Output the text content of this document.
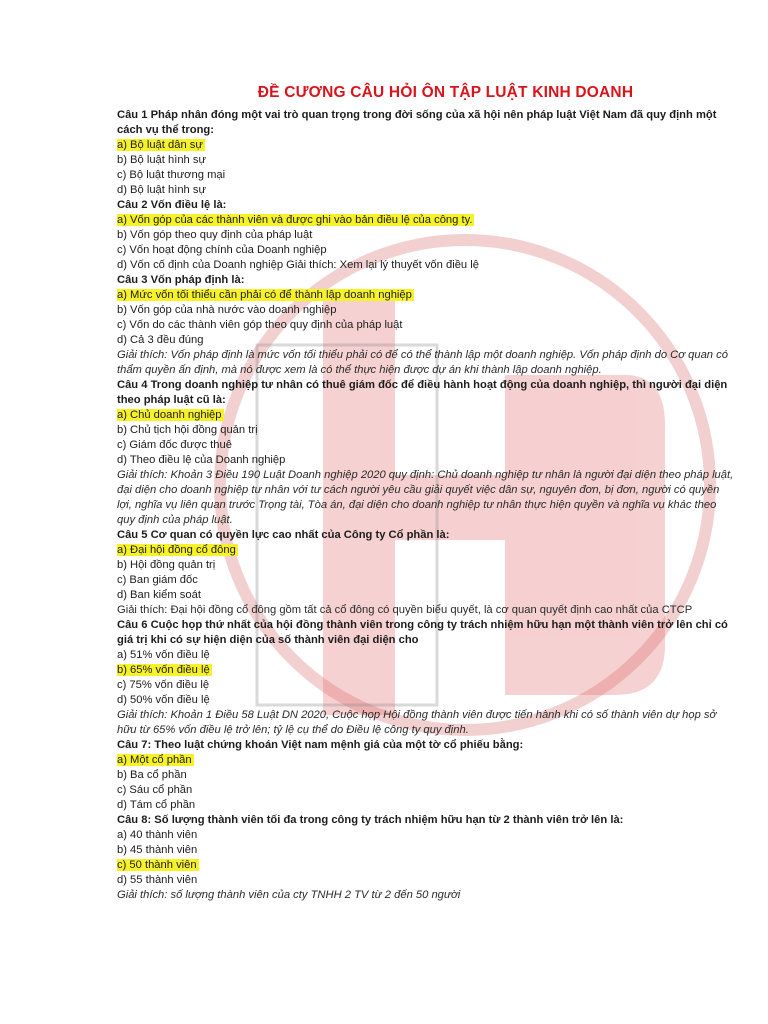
ĐỀ CƯƠNG CÂU HỎI ÔN TẬP LUẬT KINH DOANH

Câu 1 Pháp nhân đóng một vai trò quan trọng trong đời sống của xã hội nên pháp luật Việt Nam đã quy định một cách vụ thể trong:

a) Bộ luật dân sự
b) Bộ luật hình sự
c) Bộ luật thương mại
d) Bộ luật hình sự

Câu 2 Vốn điều lệ là:

a) Vốn góp của các thành viên và được ghi vào bản điều lệ của công ty.
b) Vốn góp theo quy định của pháp luật
c) Vốn hoạt động chính của Doanh nghiệp
d) Vốn cố định của Doanh nghiệp Giải thích: Xem lại lý thuyết vốn điều lệ

Câu 3 Vốn pháp định là:

a) Mức vốn tối thiểu cần phải có để thành lập doanh nghiệp
b) Vốn góp của nhà nước vào doanh nghiệp
c) Vốn do các thành viên góp theo quy định của pháp luật
d) Cả 3 đều đúng

Giải thích: Vốn pháp định là mức vốn tối thiểu phải có để có thể thành lập một doanh nghiệp. Vốn pháp định do Cơ quan có thẩm quyền ấn định, mà nó được xem là có thể thực hiện được dự án khi thành lập doanh nghiệp.

Câu 4 Trong doanh nghiệp tư nhân có thuê giám đốc để điều hành hoạt động của doanh nghiệp, thì người đại diện theo pháp luật cũ là:

a) Chủ doanh nghiệp
b) Chủ tịch hội đồng quản trị
c) Giám đốc được thuê
d) Theo điều lệ của Doanh nghiệp

Giải thích: Khoản 3 Điều 190 Luật Doanh nghiệp 2020 quy định: Chủ doanh nghiệp tư nhân là người đại diện theo pháp luật, đại diện cho doanh nghiệp tư nhân với tư cách người yêu cầu giải quyết việc dân sự, nguyên đơn, bị đơn, người có quyền lợi, nghĩa vụ liên quan trước Trọng tài, Tòa án, đại diện cho doanh nghiệp tư nhân thực hiện quyền và nghĩa vụ khác theo quy định của pháp luật.

Câu 5 Cơ quan có quyền lực cao nhất của Công ty Cổ phần là:

a) Đại hội đồng cổ đông
b) Hội đồng quản trị
c) Ban giám đốc
d) Ban kiểm soát

Giải thích: Đại hội đồng cổ đông gồm tất cả cổ đông có quyền biểu quyết, là cơ quan quyết định cao nhất của CTCP

Câu 6 Cuộc họp thứ nhất của hội đồng thành viên trong công ty trách nhiệm hữu hạn một thành viên trở lên chỉ có giá trị khi có sự hiện diện của số thành viên đại diện cho

a) 51% vốn điều lệ
b) 65% vốn điều lệ
c) 75% vốn điều lệ
d) 50% vốn điều lệ

Giải thích: Khoản 1 Điều 58 Luật DN 2020, Cuộc họp Hội đồng thành viên được tiến hành khi có số thành viên dự họp sở hữu từ 65% vốn điều lệ trở lên; tỷ lệ cụ thể do Điều lệ công ty quy định.

Câu 7: Theo luật chứng khoán Việt nam mệnh giá của một tờ cổ phiếu bằng:

a) Một cổ phần
b) Ba cổ phần
c) Sáu cổ phần
d) Tám cổ phần

Câu 8: Số lượng thành viên tối đa trong công ty trách nhiệm hữu hạn từ 2 thành viên trở lên là:

a) 40 thành viên
b) 45 thành viên
c) 50 thành viên
d) 55 thành viên

Giải thích: số lượng thành viên của cty TNHH 2 TV từ 2 đến 50 người
